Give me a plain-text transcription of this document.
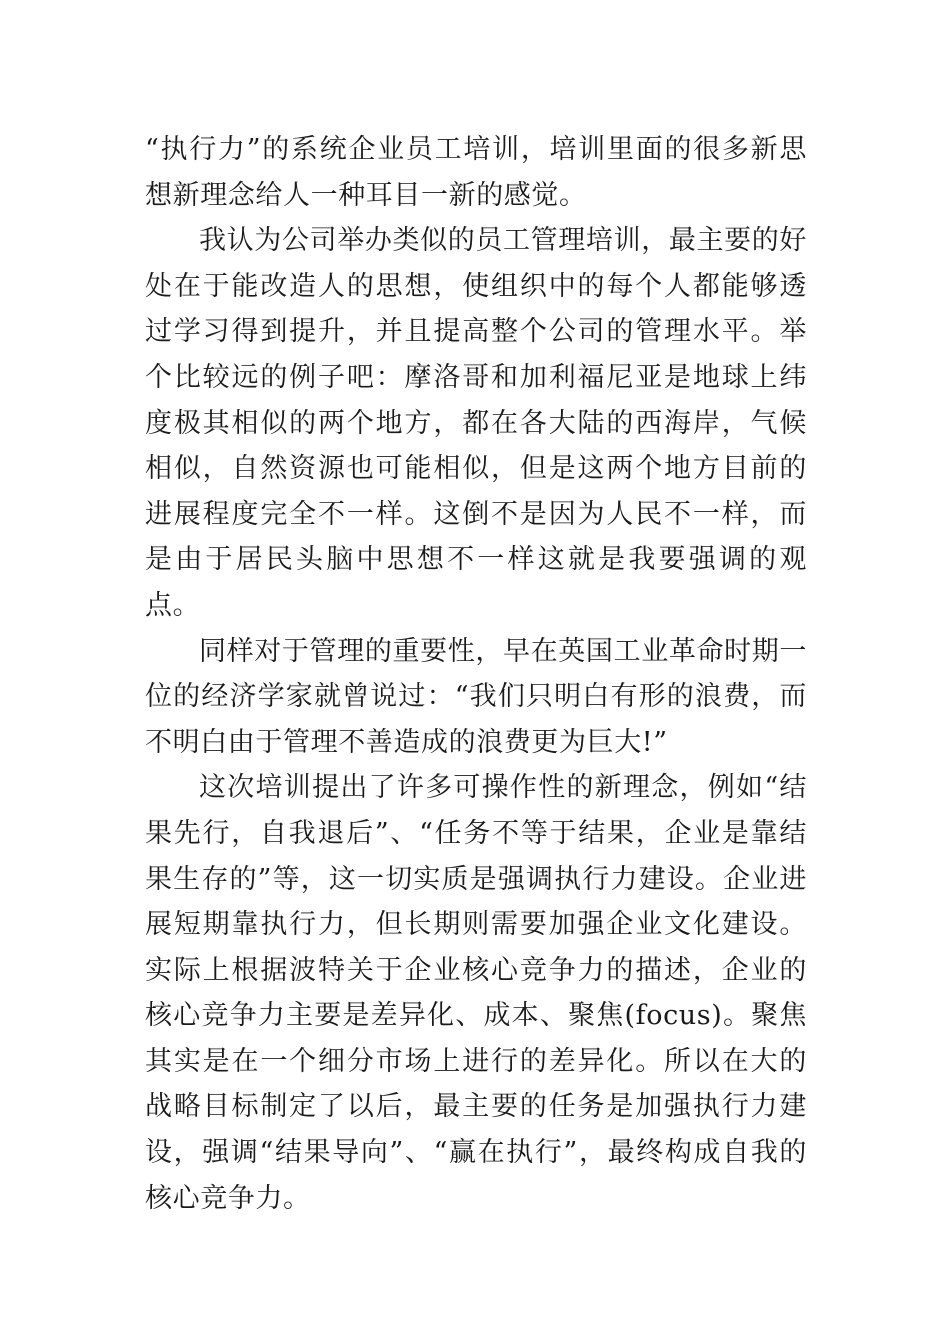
“执行力”的系统企业员工培训，培训里面的很多新思想新理念给人一种耳目一新的感觉。

我认为公司举办类似的员工管理培训，最主要的好处在于能改造人的思想，使组织中的每个人都能够透过学习得到提升，并且提高整个公司的管理水平。举个比较远的例子吧：摩洛哥和加利福尼亚是地球上纬度极其相似的两个地方，都在各大陆的西海岸，气候相似，自然资源也可能相似，但是这两个地方目前的进展程度完全不一样。这倒不是因为人民不一样，而是由于居民头脑中思想不一样这就是我要强调的观点。

同样对于管理的重要性，早在英国工业革命时期一位的经济学家就曾说过：“我们只明白有形的浪费，而不明白由于管理不善造成的浪费更为巨大!”

这次培训提出了许多可操作性的新理念，例如“结果先行，自我退后”、“任务不等于结果，企业是靠结果生存的”等，这一切实质是强调执行力建设。企业进展短期靠执行力，但长期则需要加强企业文化建设。实际上根据波特关于企业核心竞争力的描述，企业的核心竞争力主要是差异化、成本、聚焦(focus)。聚焦其实是在一个细分市场上进行的差异化。所以在大的战略目标制定了以后，最主要的任务是加强执行力建设，强调“结果导向”、“赢在执行”，最终构成自我的核心竞争力。
